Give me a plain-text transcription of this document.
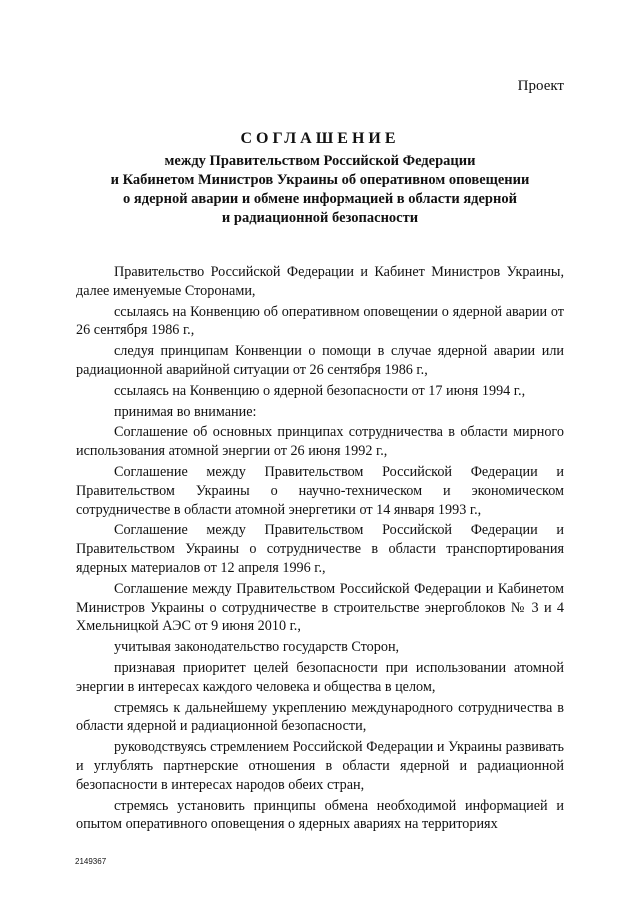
Проект
СОГЛАШЕНИЕ
между Правительством Российской Федерации
и Кабинетом Министров Украины об оперативном оповещении
о ядерной аварии и обмене информацией в области ядерной
и радиационной безопасности

Правительство Российской Федерации и Кабинет Министров Украины, далее именуемые Сторонами,

ссылаясь на Конвенцию об оперативном оповещении о ядерной аварии от 26 сентября 1986 г.,

следуя принципам Конвенции о помощи в случае ядерной аварии или радиационной аварийной ситуации от 26 сентября 1986 г.,

ссылаясь на Конвенцию о ядерной безопасности от 17 июня 1994 г.,

принимая во внимание:

Соглашение об основных принципах сотрудничества в области мирного использования атомной энергии от 26 июня 1992 г.,

Соглашение между Правительством Российской Федерации и Правительством Украины о научно-техническом и экономическом сотрудничестве в области атомной энергетики от 14 января 1993 г.,

Соглашение между Правительством Российской Федерации и Правительством Украины о сотрудничестве в области транспортирования ядерных материалов от 12 апреля 1996 г.,

Соглашение между Правительством Российской Федерации и Кабинетом Министров Украины о сотрудничестве в строительстве энергоблоков № 3 и 4 Хмельницкой АЭС от 9 июня 2010 г.,

учитывая законодательство государств Сторон,

признавая приоритет целей безопасности при использовании атомной энергии в интересах каждого человека и общества в целом,

стремясь к дальнейшему укреплению международного сотрудничества в области ядерной и радиационной безопасности,

руководствуясь стремлением Российской Федерации и Украины развивать и углублять партнерские отношения в области ядерной и радиационной безопасности в интересах народов обеих стран,

стремясь установить принципы обмена необходимой информацией и опытом оперативного оповещения о ядерных авариях на территориях

2149367
